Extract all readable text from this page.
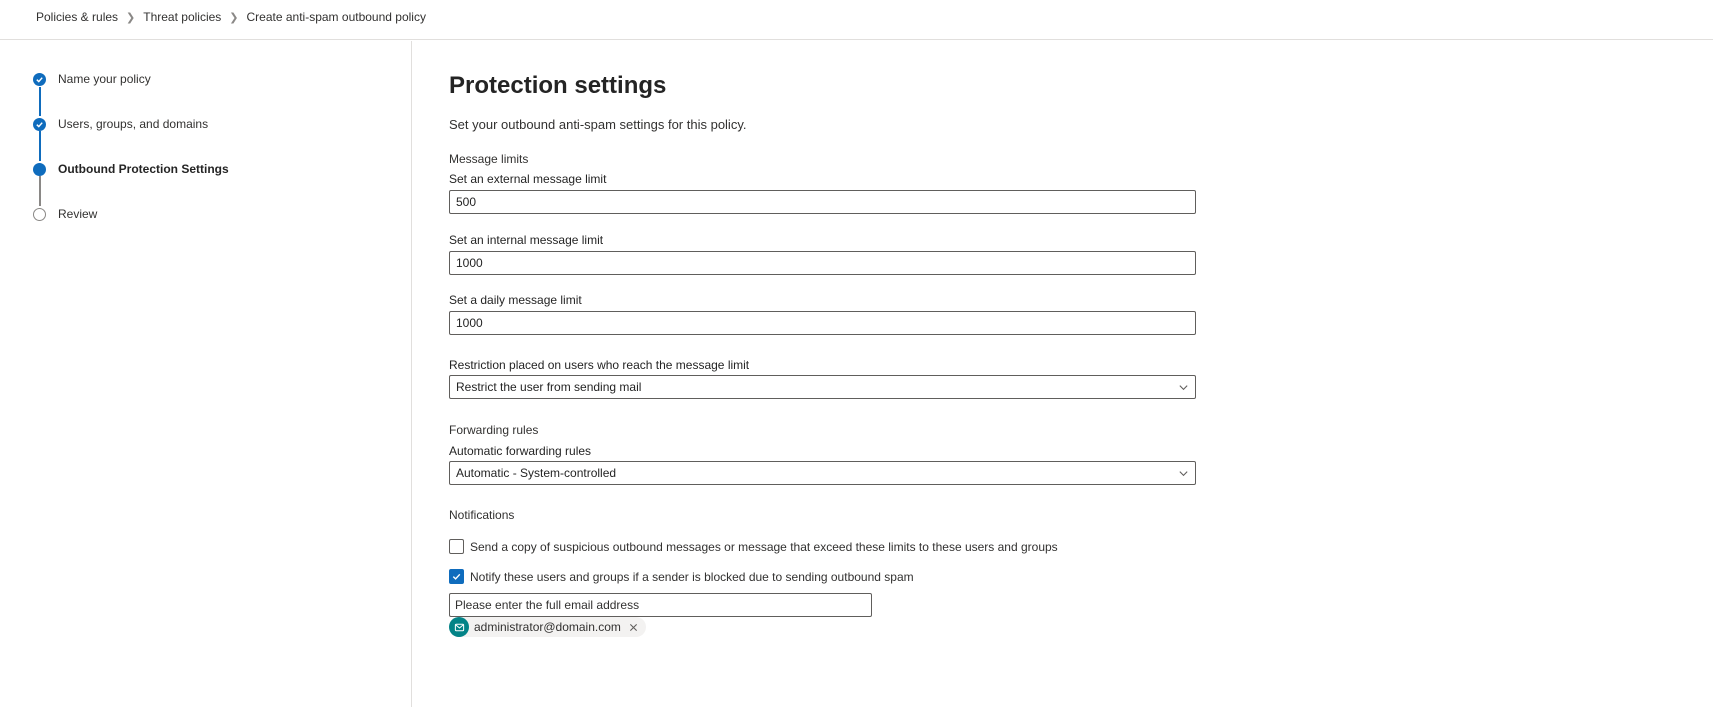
Policies & rules ❯ Threat policies ❯ Create anti-spam outbound policy
Name your policy
Users, groups, and domains
Outbound Protection Settings
Review
Protection settings
Set your outbound anti-spam settings for this policy.
Message limits
Set an external message limit
500
Set an internal message limit
1000
Set a daily message limit
1000
Restriction placed on users who reach the message limit
Restrict the user from sending mail
Forwarding rules
Automatic forwarding rules
Automatic - System-controlled
Notifications
Send a copy of suspicious outbound messages or message that exceed these limits to these users and groups
Notify these users and groups if a sender is blocked due to sending outbound spam
Please enter the full email address
administrator@domain.com
